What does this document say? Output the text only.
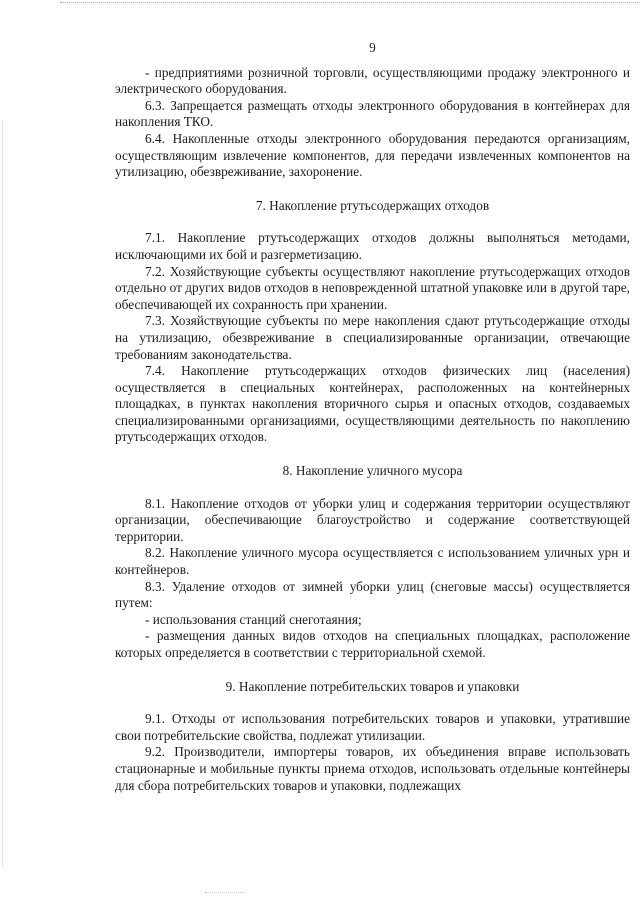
9

- предприятиями розничной торговли, осуществляющими продажу электронного и электрического оборудования.

6.3. Запрещается размещать отходы электронного оборудования в контейнерах для накопления ТКО.

6.4. Накопленные отходы электронного оборудования передаются организациям, осуществляющим извлечение компонентов, для передачи извлеченных компонентов на утилизацию, обезвреживание, захоронение.

7. Накопление ртутьсодержащих отходов

7.1. Накопление ртутьсодержащих отходов должны выполняться методами, исключающими их бой и разгерметизацию.

7.2. Хозяйствующие субъекты осуществляют накопление ртутьсодержащих отходов отдельно от других видов отходов в неповрежденной штатной упаковке или в другой таре, обеспечивающей их сохранность при хранении.

7.3. Хозяйствующие субъекты по мере накопления сдают ртутьсодержащие отходы на утилизацию, обезвреживание в специализированные организации, отвечающие требованиям законодательства.

7.4. Накопление ртутьсодержащих отходов физических лиц (населения) осуществляется в специальных контейнерах, расположенных на контейнерных площадках, в пунктах накопления вторичного сырья и опасных отходов, создаваемых специализированными организациями, осуществляющими деятельность по накоплению ртутьсодержащих отходов.

8. Накопление уличного мусора

8.1. Накопление отходов от уборки улиц и содержания территории осуществляют организации, обеспечивающие благоустройство и содержание соответствующей территории.

8.2. Накопление уличного мусора осуществляется с использованием уличных урн и контейнеров.

8.3. Удаление отходов от зимней уборки улиц (снеговые массы) осуществляется путем:

- использования станций снеготаяния;

- размещения данных видов отходов на специальных площадках, расположение которых определяется в соответствии с территориальной схемой.

9. Накопление потребительских товаров и упаковки

9.1. Отходы от использования потребительских товаров и упаковки, утратившие свои потребительские свойства, подлежат утилизации.

9.2. Производители, импортеры товаров, их объединения вправе использовать стационарные и мобильные пункты приема отходов, использовать отдельные контейнеры для сбора потребительских товаров и упаковки, подлежащих
